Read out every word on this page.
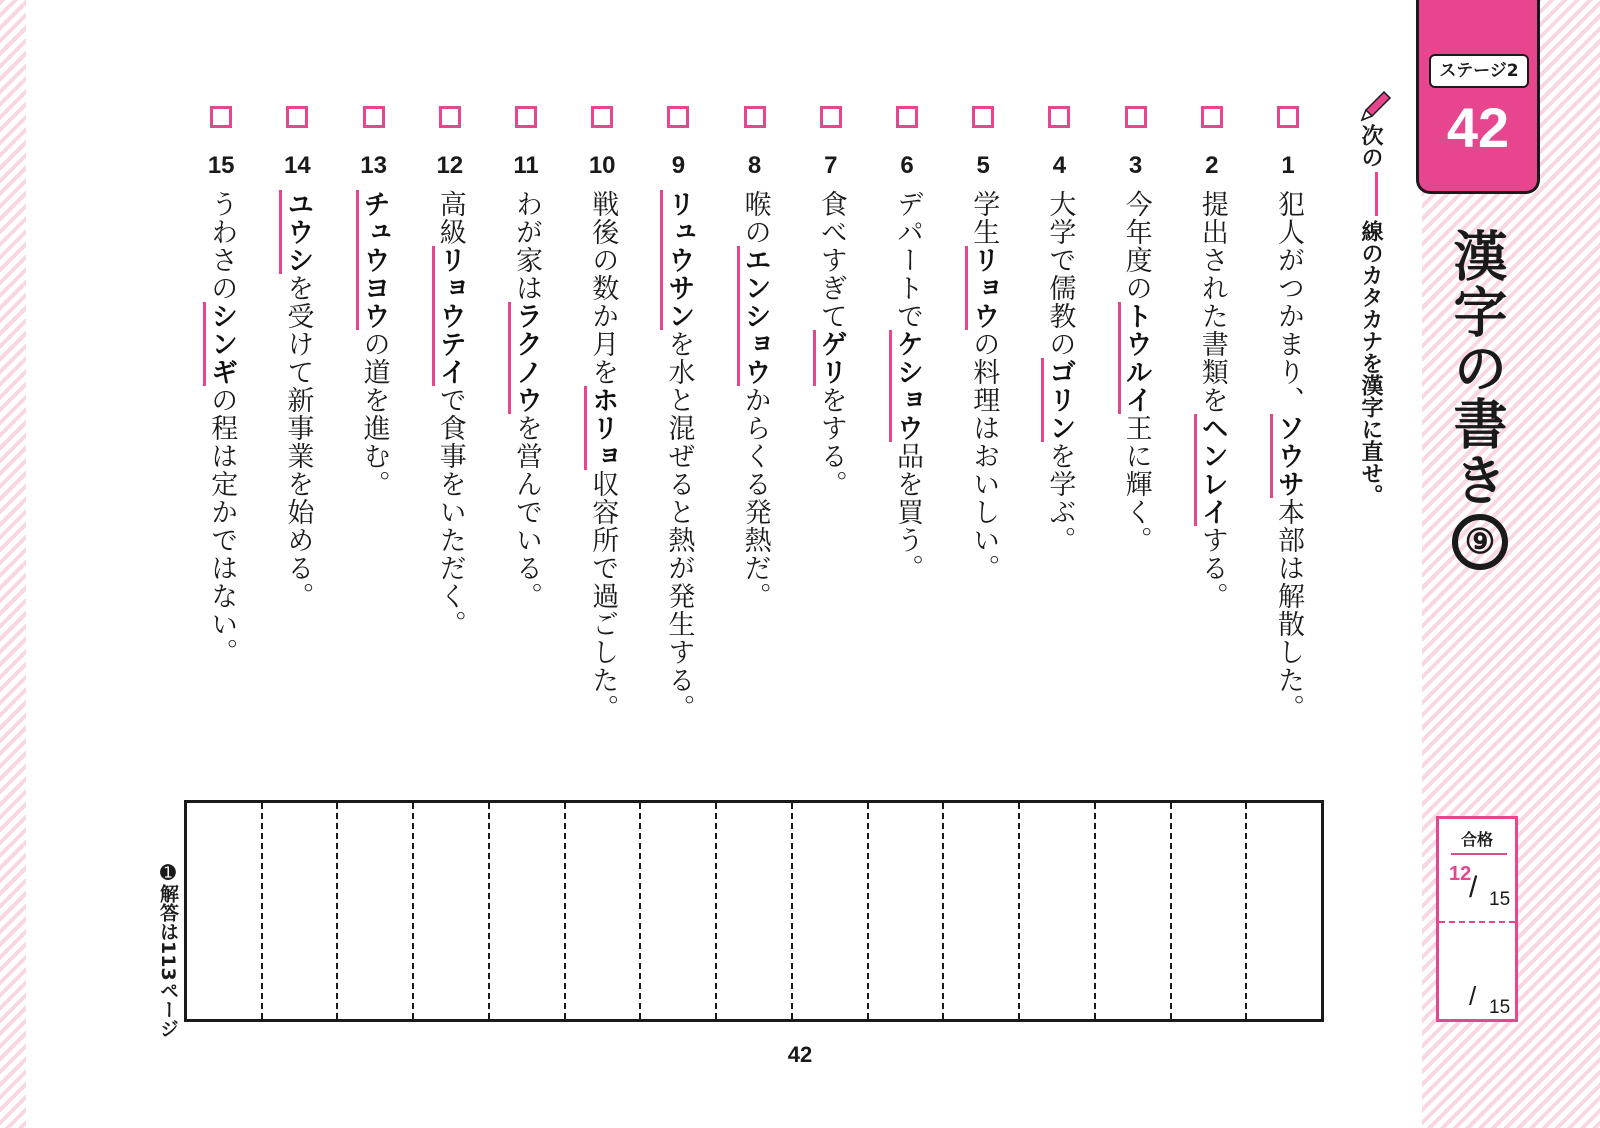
ステージ2
42
漢字の書き
⑨
次の線のカタカナを漢字に直せ。
1
犯人がつかまり、ソウサ本部は解散した。
2
提出された書類をヘンレイする。
3
今年度のトウルイ王に輝く。
4
大学で儒教のゴリンを学ぶ。
5
学生リョウの料理はおいしい。
6
デパートでケショウ品を買う。
7
食べすぎてゲリをする。
8
喉のエンショウからくる発熱だ。
9
リュウサンを水と混ぜると熱が発生する。
10
戦後の数か月をホリョ収容所で過ごした。
11
わが家はラクノウを営んでいる。
12
高級リョウテイで食事をいただく。
13
チュウヨウの道を進む。
14
ユウシを受けて新事業を始める。
15
うわさのシンギの程は定かではない。
➊解答は113ページ
42
合格
12
/ 15
/ 15
